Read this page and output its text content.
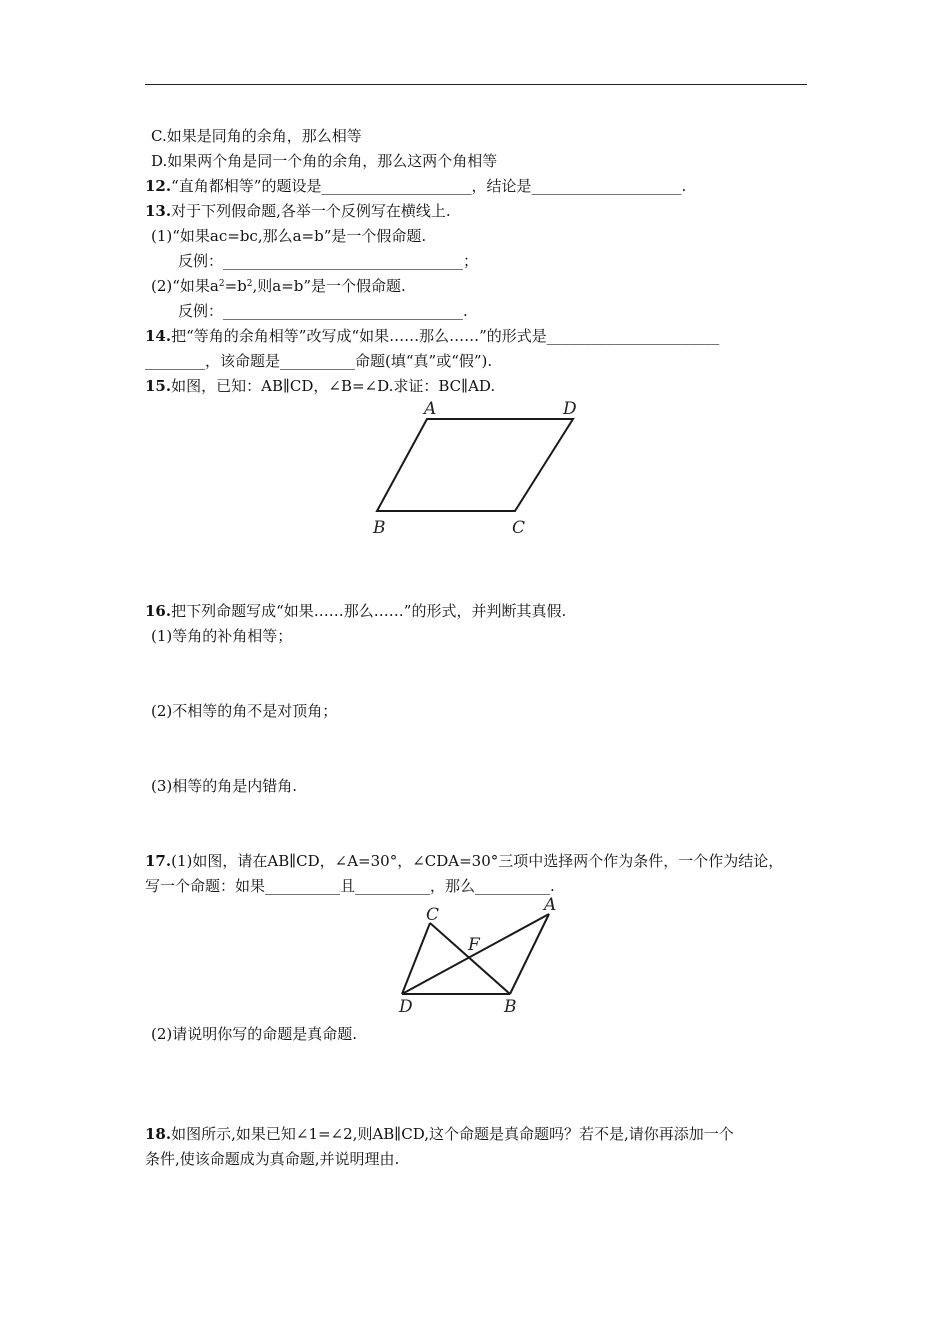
C.如果是同角的余角，那么相等
D.如果两个角是同一个角的余角，那么这两个角相等
12.“直角都相等”的题设是____________________，结论是____________________.
13.对于下列假命题,各举一个反例写在横线上.
(1)“如果ac=bc,那么a=b”是一个假命题.
反例：________________________________；
(2)“如果$a^2=b^2$,则a=b”是一个假命题.
反例：________________________________.
14.把“等角的余角相等”改写成“如果……那么……”的形式是_______________________
________，该命题是__________命题(填“真”或“假”).
15.如图，已知：AB∥CD，∠B=∠D.求证：BC∥AD.
A	D
B	C
16.把下列命题写成“如果……那么……”的形式，并判断其真假.
(1)等角的补角相等；
(2)不相等的角不是对顶角；
(3)相等的角是内错角.
17.(1)如图，请在AB∥CD，∠A=30°，∠CDA=30°三项中选择两个作为条件，一个作为结论，
写一个命题：如果__________且__________，那么__________.
C	A
F
D	B
(2)请说明你写的命题是真命题.
18.如图所示,如果已知∠1=∠2,则AB∥CD,这个命题是真命题吗？若不是,请你再添加一个
条件,使该命题成为真命题,并说明理由.
